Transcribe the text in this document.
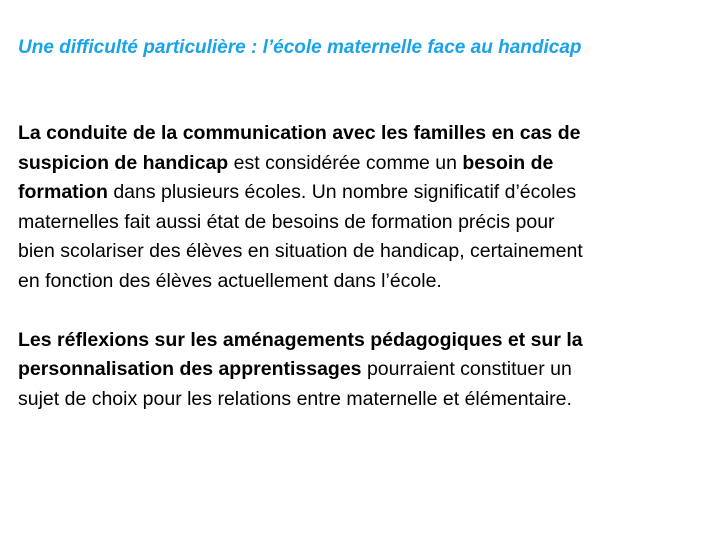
Une difficulté particulière : l’école maternelle face au handicap

La conduite de la communication avec les familles en cas de
suspicion de handicap est considérée comme un besoin de
formation dans plusieurs écoles. Un nombre significatif d’écoles
maternelles fait aussi état de besoins de formation précis pour
bien scolariser des élèves en situation de handicap, certainement
en fonction des élèves actuellement dans l’école.

Les réflexions sur les aménagements pédagogiques et sur la
personnalisation des apprentissages pourraient constituer un
sujet de choix pour les relations entre maternelle et élémentaire.
